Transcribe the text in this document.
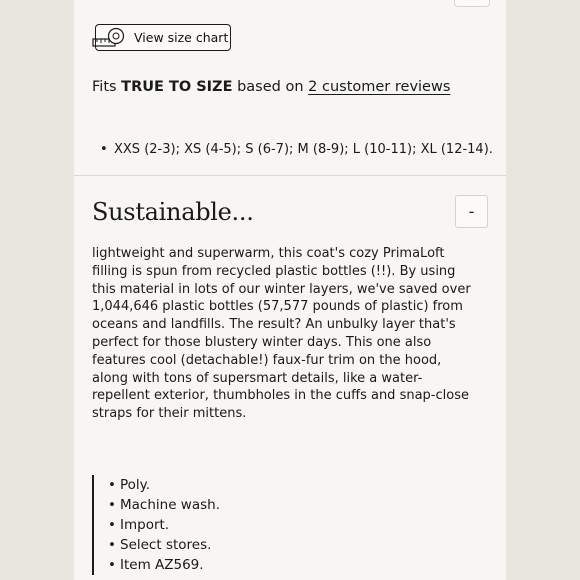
View size chart
Fits TRUE TO SIZE based on 2 customer reviews
• XXS (2-3); XS (4-5); S (6-7); M (8-9); L (10-11); XL (12-14).
Sustainable...	-
lightweight and superwarm, this coat's cozy PrimaLoft filling is spun from recycled plastic bottles (!!). By using this material in lots of our winter layers, we've saved over 1,044,646 plastic bottles (57,577 pounds of plastic) from oceans and landfills. The result? An unbulky layer that's perfect for those blustery winter days. This one also features cool (detachable!) faux-fur trim on the hood, along with tons of supersmart details, like a water-repellent exterior, thumbholes in the cuffs and snap-close straps for their mittens.
• Poly.
• Machine wash.
• Import.
• Select stores.
• Item AZ569.
